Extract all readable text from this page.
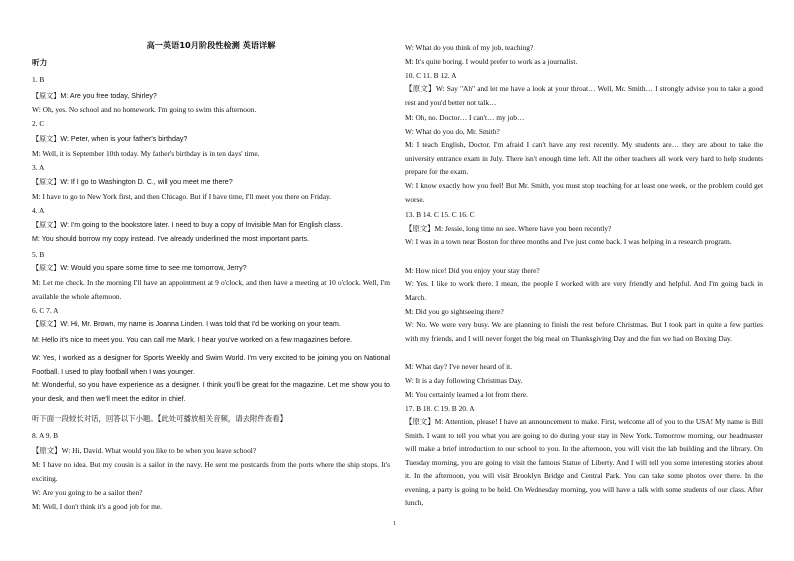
高一英语10月阶段性检测 英语详解
听力
1. B
【原文】M: Are you free today, Shirley?
W: Oh, yes. No school and no homework. I'm going to swim this afternoon.
2. C
【原文】W: Peter, when is your father's birthday?
M: Well, it is September 10th today. My father's birthday is in ten days' time.
3. A
【原文】W: If I go to Washington D. C., will you meet me there?
M: I have to go to New York first, and then Chicago. But if I have time, I'll meet you there on Friday.
4. A
【原文】W: I'm going to the bookstore later. I need to buy a copy of Invisible Man for English class.
M: You should borrow my copy instead. I've already underlined the most important parts.
5. B
【原文】W: Would you spare some time to see me tomorrow, Jerry?
M: Let me check. In the morning I'll have an appointment at 9 o'clock, and then have a meeting at 10 o'clock. Well, I'm available the whole afternoon.
6. C 7. A
【原文】W: Hi, Mr. Brown, my name is Joanna Linden. I was told that I'd be working on your team.
M: Hello it's nice to meet you. You can call me Mark. I hear you've worked on a few magazines before.
W: Yes, I worked as a designer for Sports Weekly and Swim World. I'm very excited to be joining you on National Football. I used to play football when I was younger.
M: Wonderful, so you have experience as a designer. I think you'll be great for the magazine. Let me show you to your desk, and then we'll meet the editor in chief.
听下面一段较长对话，回答以下小题。【此处可播放相关音频，请去附件查看】
8. A 9. B
【原文】W: Hi, David. What would you like to be when you leave school?
M: I have no idea. But my cousin is a sailor in the navy. He sent me postcards from the ports where the ship stops. It's exciting.
W: Are you going to be a sailor then?
M: Well, I don't think it's a good job for me.
W: What do you think of my job, teaching?
M: It's quite boring. I would prefer to work as a journalist.
10. C 11. B 12. A
【原文】W: Say "Ah" and let me have a look at your throat… Well, Mr. Smith… I strongly advise you to take a good rest and you'd better not talk…
M: Oh, no. Doctor… I can't… my job…
W: What do you do, Mr. Smith?
M: I teach English, Doctor. I'm afraid I can't have any rest recently. My students are… they are about to take the university entrance exam in July. There isn't enough time left. All the other teachers all work very hard to help students prepare for the exam.
W: I know exactly how you feel! But Mr. Smith, you must stop teaching for at least one week, or the problem could get worse.
13. B 14. C 15. C 16. C
【原文】M: Jessie, long time no see. Where have you been recently?
W: I was in a town near Boston for three months and I've just come back. I was helping in a research program.
M: How nice! Did you enjoy your stay there?
W: Yes. I like to work there. I mean, the people I worked with are very friendly and helpful. And I'm going back in March.
M: Did you go sightseeing there?
W: No. We were very busy. We are planning to finish the rest before Christmas. But I took part in quite a few parties with my friends, and I will never forget the big meal on Thanksgiving Day and the fun we had on Boxing Day.
M: What day? I've never heard of it.
W: It is a day following Christmas Day.
M: You certainly learned a lot from there.
17. B 18. C 19. B 20. A
【原文】M: Attention, please! I have an announcement to make. First, welcome all of you to the USA! My name is Bill Smith. I want to tell you what you are going to do during your stay in New York. Tomorrow morning, our headmaster will make a brief introduction to our school to you. In the afternoon, you will visit the lab building and the library. On Tuesday morning, you are going to visit the famous Statue of Liberty. And I will tell you some interesting stories about it. In the afternoon, you will visit Brooklyn Bridge and Central Park. You can take some photos over there. In the evening, a party is going to be held. On Wednesday morning, you will have a talk with some students of our class. After lunch,
1
